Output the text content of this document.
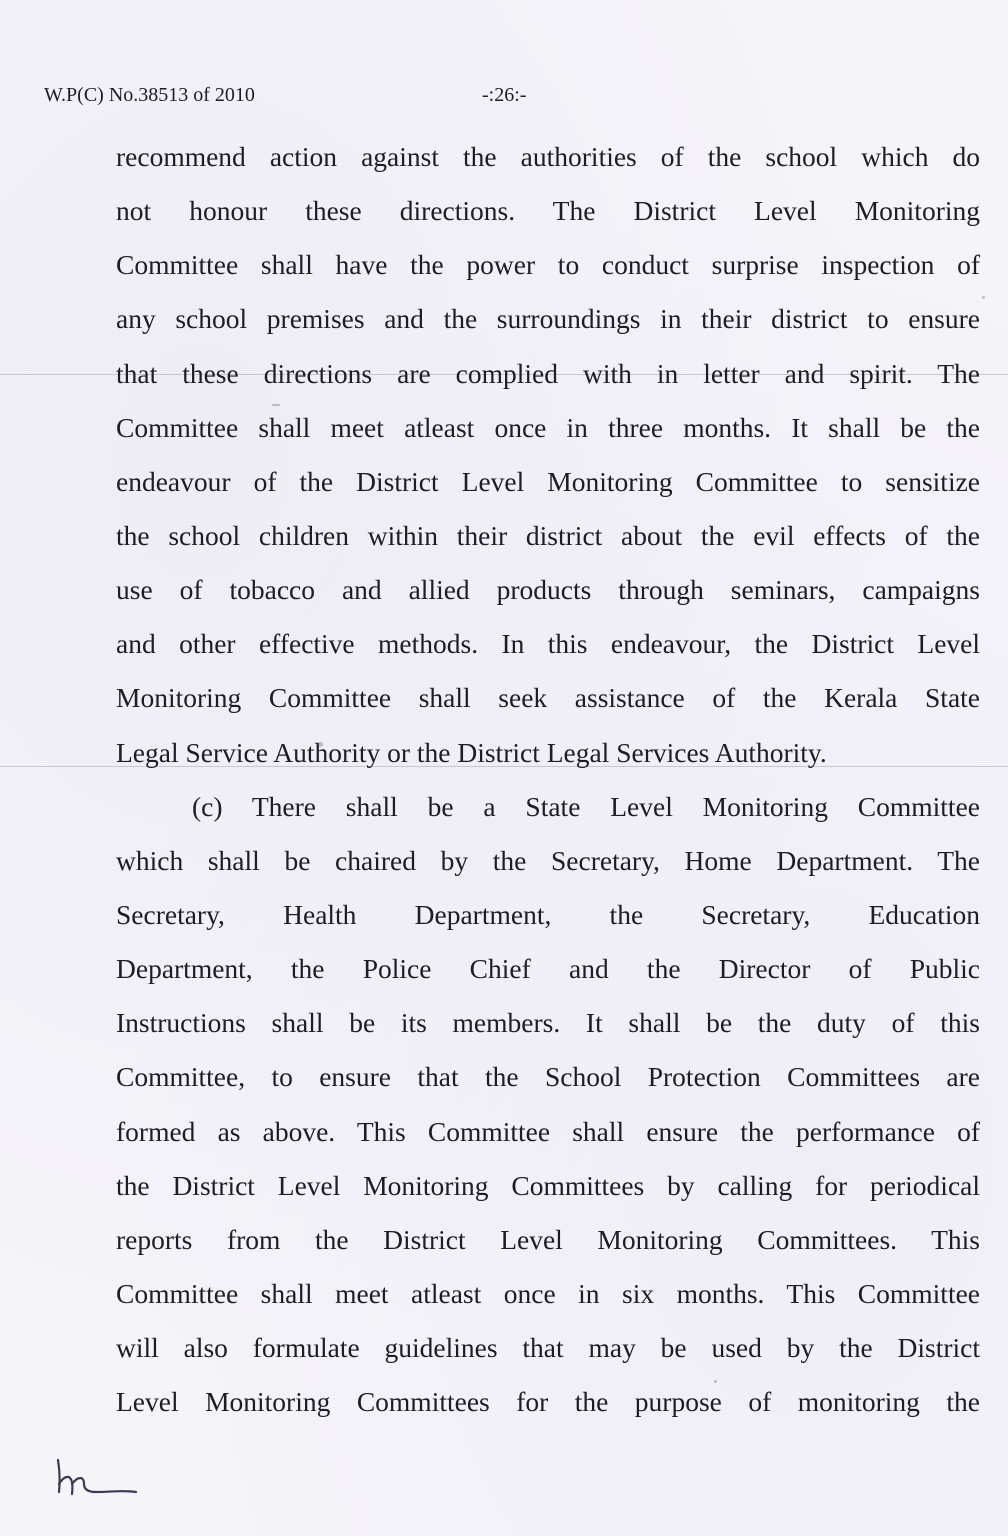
W.P(C) No.38513 of 2010	-:26:-
recommend action against the authorities of the school which do
not honour these directions. The District Level Monitoring
Committee shall have the power to conduct surprise inspection of
any school premises and the surroundings in their district to ensure
that these directions are complied with in letter and spirit. The
Committee shall meet atleast once in three months. It shall be the
endeavour of the District Level Monitoring Committee to sensitize
the school children within their district about the evil effects of the
use of tobacco and allied products through seminars, campaigns
and other effective methods. In this endeavour, the District Level
Monitoring Committee shall seek assistance of the Kerala State
Legal Service Authority or the District Legal Services Authority.
(c) There shall be a State Level Monitoring Committee
which shall be chaired by the Secretary, Home Department. The
Secretary, Health Department, the Secretary, Education
Department, the Police Chief and the Director of Public
Instructions shall be its members. It shall be the duty of this
Committee, to ensure that the School Protection Committees are
formed as above. This Committee shall ensure the performance of
the District Level Monitoring Committees by calling for periodical
reports from the District Level Monitoring Committees. This
Committee shall meet atleast once in six months. This Committee
will also formulate guidelines that may be used by the District
Level Monitoring Committees for the purpose of monitoring the
